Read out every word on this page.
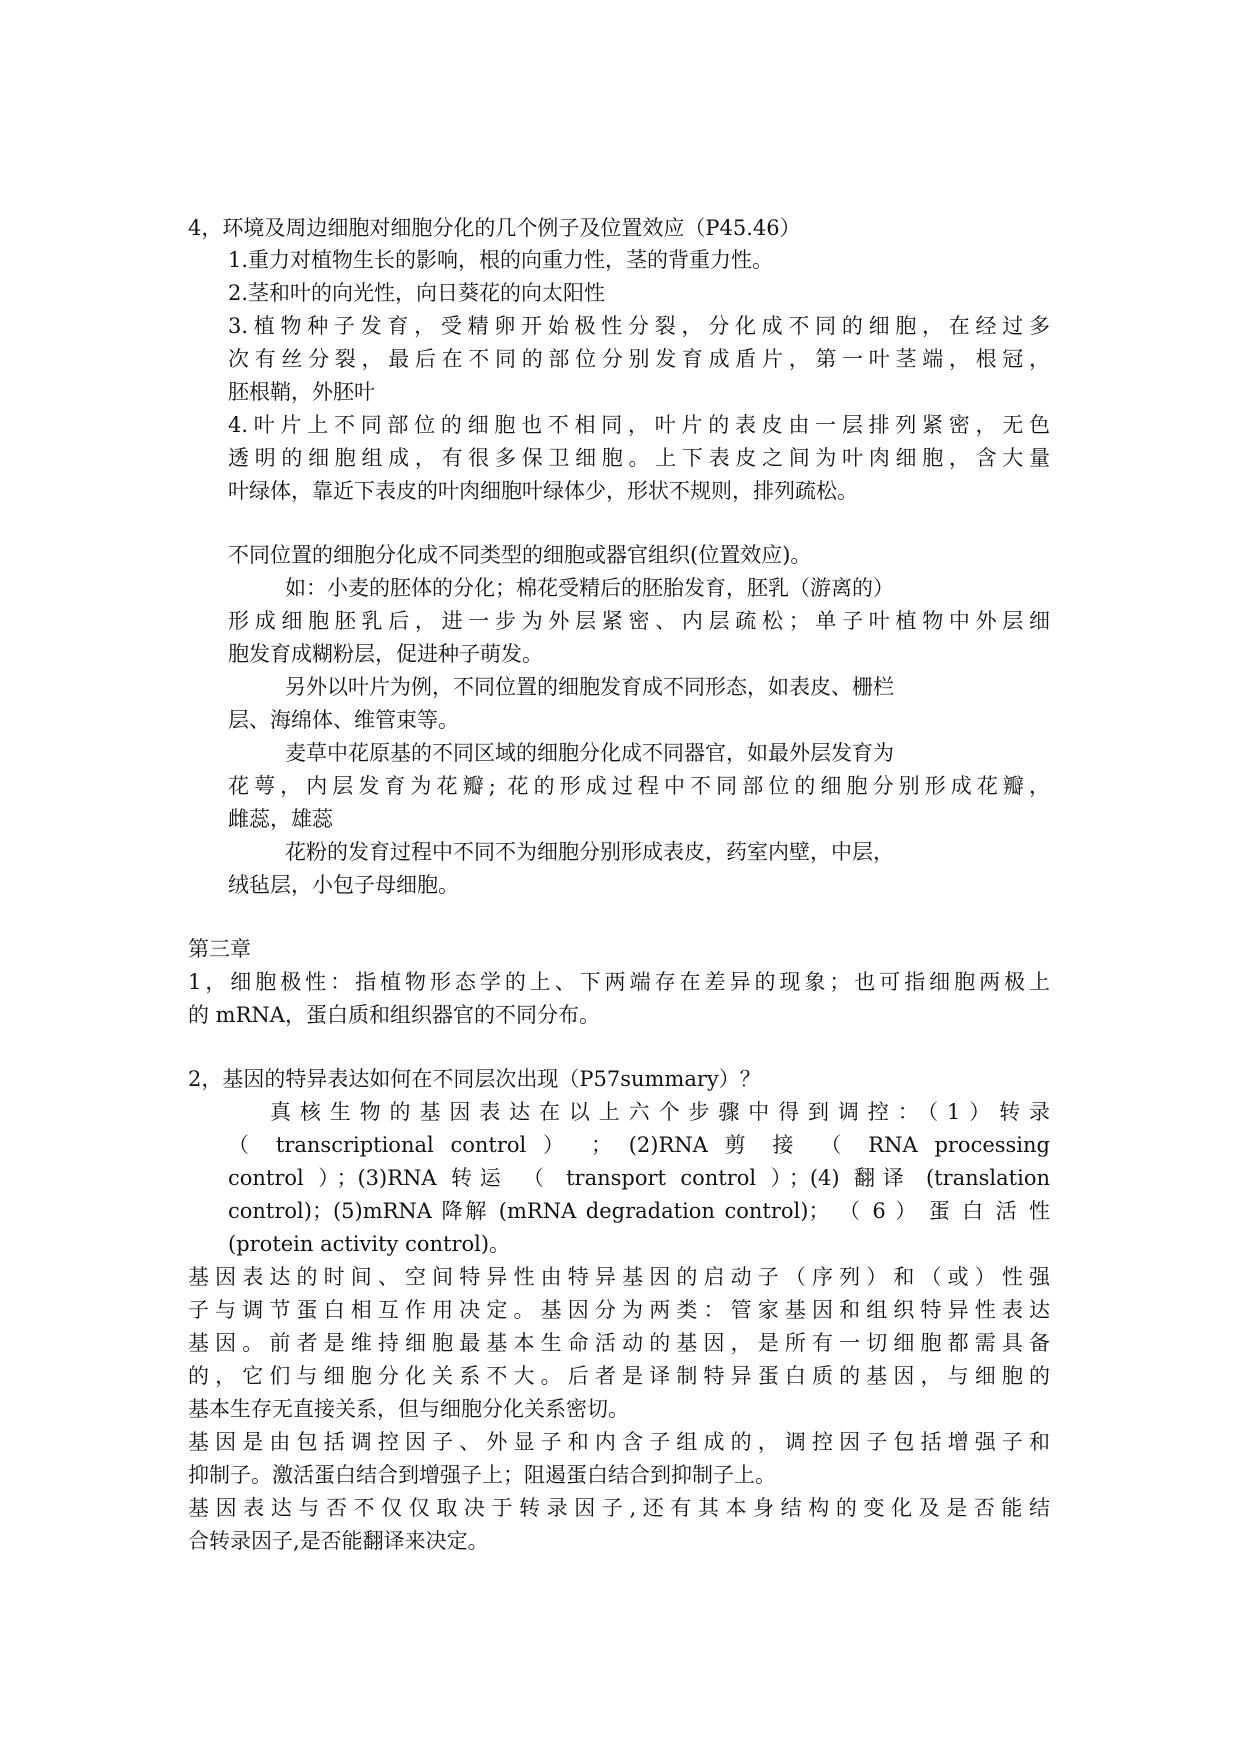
4，环境及周边细胞对细胞分化的几个例子及位置效应（P45.46）
1.重力对植物生长的影响，根的向重力性，茎的背重力性。
2.茎和叶的向光性，向日葵花的向太阳性
3.植物种子发育，受精卵开始极性分裂，分化成不同的细胞，在经过多
次有丝分裂，最后在不同的部位分别发育成盾片，第一叶茎端，根冠，
胚根鞘，外胚叶
4.叶片上不同部位的细胞也不相同，叶片的表皮由一层排列紧密，无色
透明的细胞组成，有很多保卫细胞。上下表皮之间为叶肉细胞，含大量
叶绿体，靠近下表皮的叶肉细胞叶绿体少，形状不规则，排列疏松。
不同位置的细胞分化成不同类型的细胞或器官组织(位置效应)。
如：小麦的胚体的分化；棉花受精后的胚胎发育，胚乳（游离的）
形成细胞胚乳后，进一步为外层紧密、内层疏松；单子叶植物中外层细
胞发育成糊粉层，促进种子萌发。
另外以叶片为例，不同位置的细胞发育成不同形态，如表皮、栅栏
层、海绵体、维管束等。
麦草中花原基的不同区域的细胞分化成不同器官，如最外层发育为
花萼，内层发育为花瓣; 花的形成过程中不同部位的细胞分别形成花瓣，
雌蕊，雄蕊
花粉的发育过程中不同不为细胞分别形成表皮，药室内壁，中层，
绒毡层，小包子母细胞。
第三章
1，细胞极性：指植物形态学的上、下两端存在差异的现象；也可指细胞两极上
的 mRNA，蛋白质和组织器官的不同分布。
2，基因的特异表达如何在不同层次出现（P57summary）？
真核生物的基因表达在以上六个步骤中得到调控：（1）转录
（ transcriptional control ） ； (2)RNA 剪 接 （ RNA processing
control ）；(3)RNA 转运 （ transport control ）；(4) 翻译 (translation
control)；(5)mRNA 降解 (mRNA degradation control)； （ 6 ） 蛋 白 活 性
(protein activity control)。
基因表达的时间、空间特异性由特异基因的启动子（序列）和（或）性强
子与调节蛋白相互作用决定。基因分为两类：管家基因和组织特异性表达
基因。前者是维持细胞最基本生命活动的基因，是所有一切细胞都需具备
的，它们与细胞分化关系不大。后者是译制特异蛋白质的基因，与细胞的
基本生存无直接关系，但与细胞分化关系密切。
基因是由包括调控因子、外显子和内含子组成的，调控因子包括增强子和
抑制子。激活蛋白结合到增强子上；阻遏蛋白结合到抑制子上。
基因表达与否不仅仅取决于转录因子,还有其本身结构的变化及是否能结
合转录因子,是否能翻译来决定。
